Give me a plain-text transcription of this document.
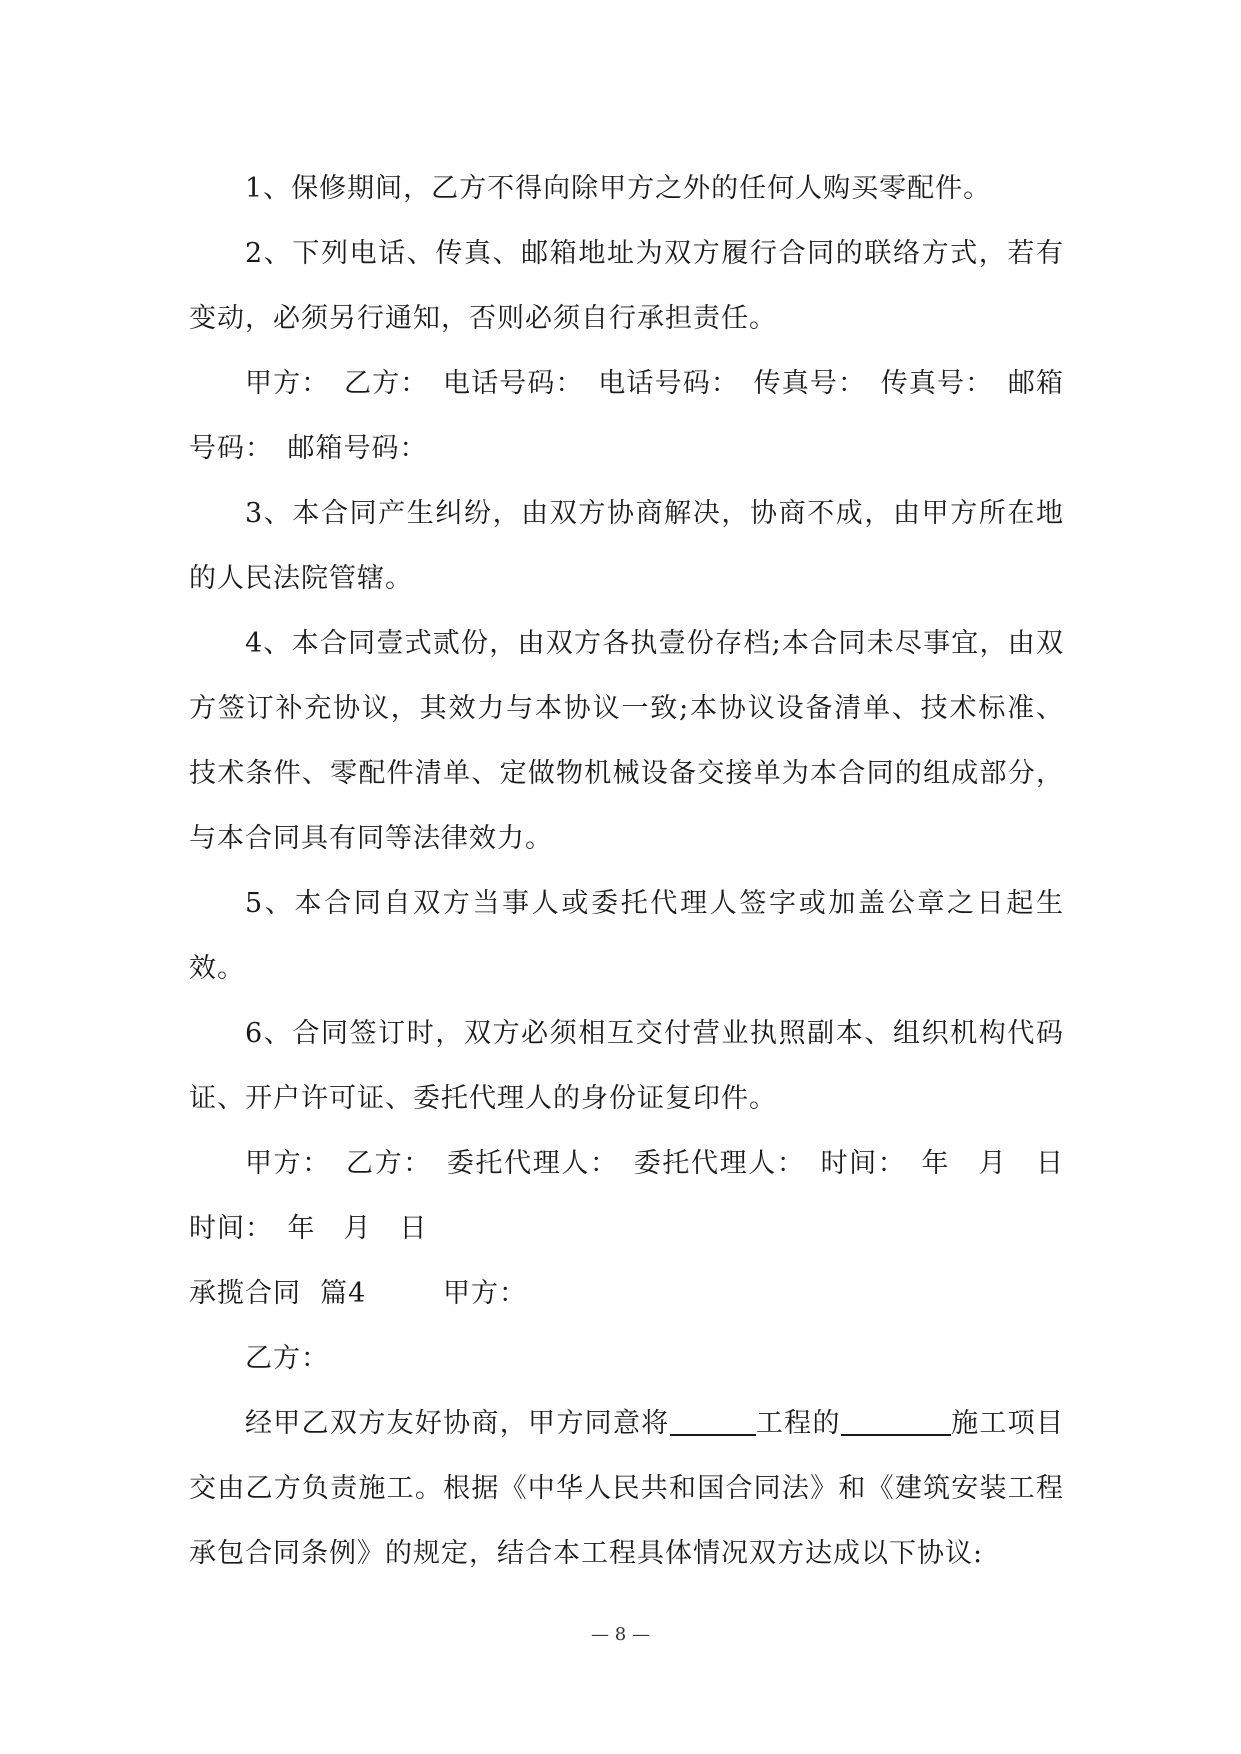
1、保修期间，乙方不得向除甲方之外的任何人购买零配件。

2、下列电话、传真、邮箱地址为双方履行合同的联络方式，若有变动，必须另行通知，否则必须自行承担责任。

甲方：　乙方：　电话号码：　电话号码：　传真号：　传真号：　邮箱号码：　邮箱号码：

3、本合同产生纠纷，由双方协商解决，协商不成，由甲方所在地的人民法院管辖。

4、本合同壹式贰份，由双方各执壹份存档;本合同未尽事宜，由双方签订补充协议，其效力与本协议一致;本协议设备清单、技术标准、技术条件、零配件清单、定做物机械设备交接单为本合同的组成部分，与本合同具有同等法律效力。

5、本合同自双方当事人或委托代理人签字或加盖公章之日起生效。

6、合同签订时，双方必须相互交付营业执照副本、组织机构代码证、开户许可证、委托代理人的身份证复印件。

甲方：　乙方：　委托代理人：　委托代理人：　时间：　年　月　日　时间：　年　月　日

承揽合同  篇4        甲方：

乙方：

经甲乙双方友好协商，甲方同意将	工程的	施工项目交由乙方负责施工。根据《中华人民共和国合同法》和《建筑安装工程承包合同条例》的规定，结合本工程具体情况双方达成以下协议:

— 8 —
